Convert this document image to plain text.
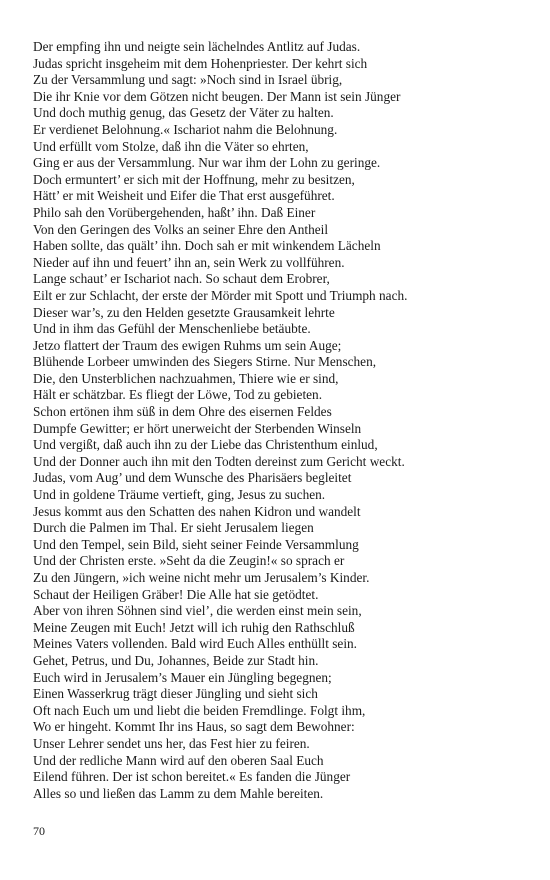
Der empfing ihn und neigte sein lächelndes Antlitz auf Judas.
Judas spricht insgeheim mit dem Hohenpriester. Der kehrt sich
Zu der Versammlung und sagt: »Noch sind in Israel übrig,
Die ihr Knie vor dem Götzen nicht beugen. Der Mann ist sein Jünger
Und doch muthig genug, das Gesetz der Väter zu halten.
Er verdienet Belohnung.« Ischariot nahm die Belohnung.
Und erfüllt vom Stolze, daß ihn die Väter so ehrten,
Ging er aus der Versammlung. Nur war ihm der Lohn zu geringe.
Doch ermuntert’ er sich mit der Hoffnung, mehr zu besitzen,
Hätt’ er mit Weisheit und Eifer die That erst ausgeführet.
Philo sah den Vorübergehenden, haßt’ ihn. Daß Einer
Von den Geringen des Volks an seiner Ehre den Antheil
Haben sollte, das quält’ ihn. Doch sah er mit winkendem Lächeln
Nieder auf ihn und feuert’ ihn an, sein Werk zu vollführen.
Lange schaut’ er Ischariot nach. So schaut dem Erobrer,
Eilt er zur Schlacht, der erste der Mörder mit Spott und Triumph nach.
Dieser war’s, zu den Helden gesetzte Grausamkeit lehrte
Und in ihm das Gefühl der Menschenliebe betäubte.
Jetzo flattert der Traum des ewigen Ruhms um sein Auge;
Blühende Lorbeer umwinden des Siegers Stirne. Nur Menschen,
Die, den Unsterblichen nachzuahmen, Thiere wie er sind,
Hält er schätzbar. Es fliegt der Löwe, Tod zu gebieten.
Schon ertönen ihm süß in dem Ohre des eisernen Feldes
Dumpfe Gewitter; er hört unerweicht der Sterbenden Winseln
Und vergißt, daß auch ihn zu der Liebe das Christenthum einlud,
Und der Donner auch ihn mit den Todten dereinst zum Gericht weckt.
Judas, vom Aug’ und dem Wunsche des Pharisäers begleitet
Und in goldene Träume vertieft, ging, Jesus zu suchen.
Jesus kommt aus den Schatten des nahen Kidron und wandelt
Durch die Palmen im Thal. Er sieht Jerusalem liegen
Und den Tempel, sein Bild, sieht seiner Feinde Versammlung
Und der Christen erste. »Seht da die Zeugin!« so sprach er
Zu den Jüngern, »ich weine nicht mehr um Jerusalem’s Kinder.
Schaut der Heiligen Gräber! Die Alle hat sie getödtet.
Aber von ihren Söhnen sind viel’, die werden einst mein sein,
Meine Zeugen mit Euch! Jetzt will ich ruhig den Rathschluß
Meines Vaters vollenden. Bald wird Euch Alles enthüllt sein.
Gehet, Petrus, und Du, Johannes, Beide zur Stadt hin.
Euch wird in Jerusalem’s Mauer ein Jüngling begegnen;
Einen Wasserkrug trägt dieser Jüngling und sieht sich
Oft nach Euch um und liebt die beiden Fremdlinge. Folgt ihm,
Wo er hingeht. Kommt Ihr ins Haus, so sagt dem Bewohner:
Unser Lehrer sendet uns her, das Fest hier zu feiren.
Und der redliche Mann wird auf den oberen Saal Euch
Eilend führen. Der ist schon bereitet.« Es fanden die Jünger
Alles so und ließen das Lamm zu dem Mahle bereiten.
70
